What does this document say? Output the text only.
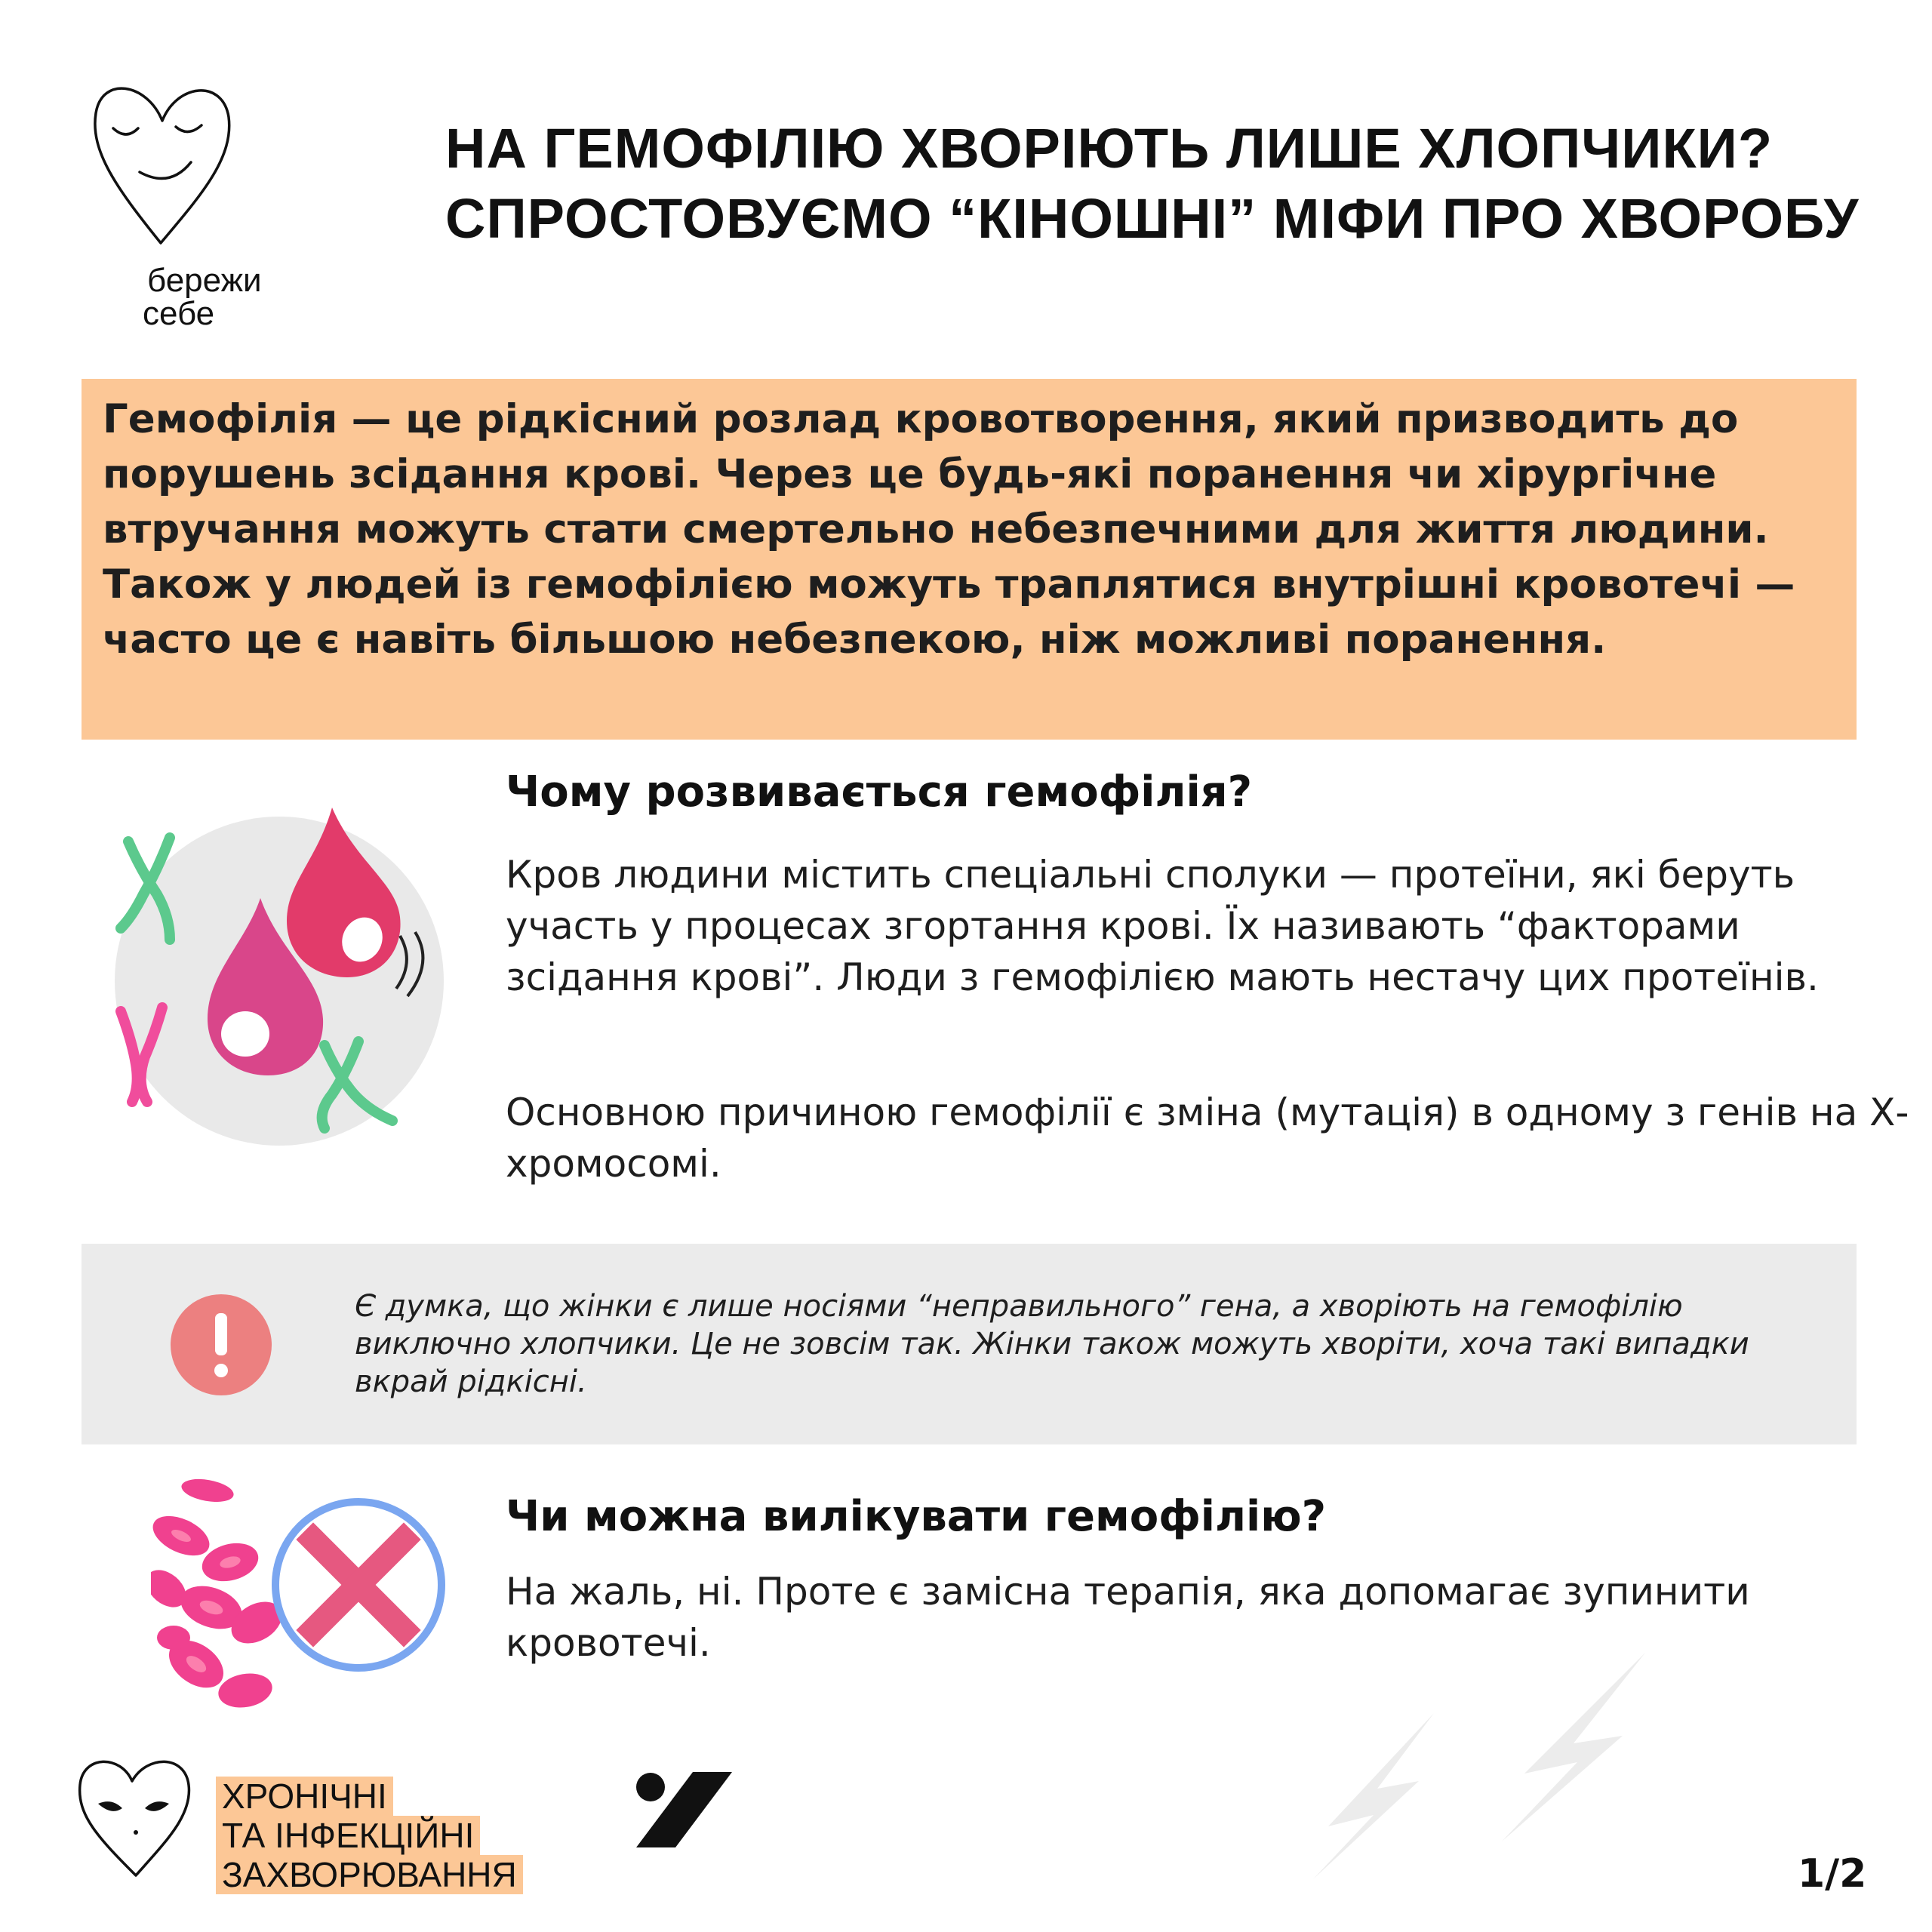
бережи
себе
НА ГЕМОФІЛІЮ ХВОРІЮТЬ ЛИШЕ ХЛОПЧИКИ? СПРОСТОВУЄМО “КІНОШНІ” МІФИ ПРО ХВОРОБУ

Гемофілія — це рідкісний розлад кровотворення, який призводить до порушень зсідання крові. Через це будь-які поранення чи хірургічне втручання можуть стати смертельно небезпечними для життя людини. Також у людей із гемофілією можуть траплятися внутрішні кровотечі — часто це є навіть більшою небезпекою, ніж можливі поранення.

Чому розвивається гемофілія?

Кров людини містить спеціальні сполуки — протеїни, які беруть участь у процесах згортання крові. Їх називають “факторами зсідання крові”. Люди з гемофілією мають нестачу цих протеїнів.

Основною причиною гемофілії є зміна (мутація) в одному з генів на Х-хромосомі.

Є думка, що жінки є лише носіями “неправильного” гена, а хворіють на гемофілію виключно хлопчики. Це не зовсім так. Жінки також можуть хворіти, хоча такі випадки вкрай рідкісні.

Чи можна вилікувати гемофілію?

На жаль, ні. Проте є замісна терапія, яка допомагає зупинити кровотечі.

ХРОНІЧНІ
ТА ІНФЕКЦІЙНІ
ЗАХВОРЮВАННЯ	1/2
